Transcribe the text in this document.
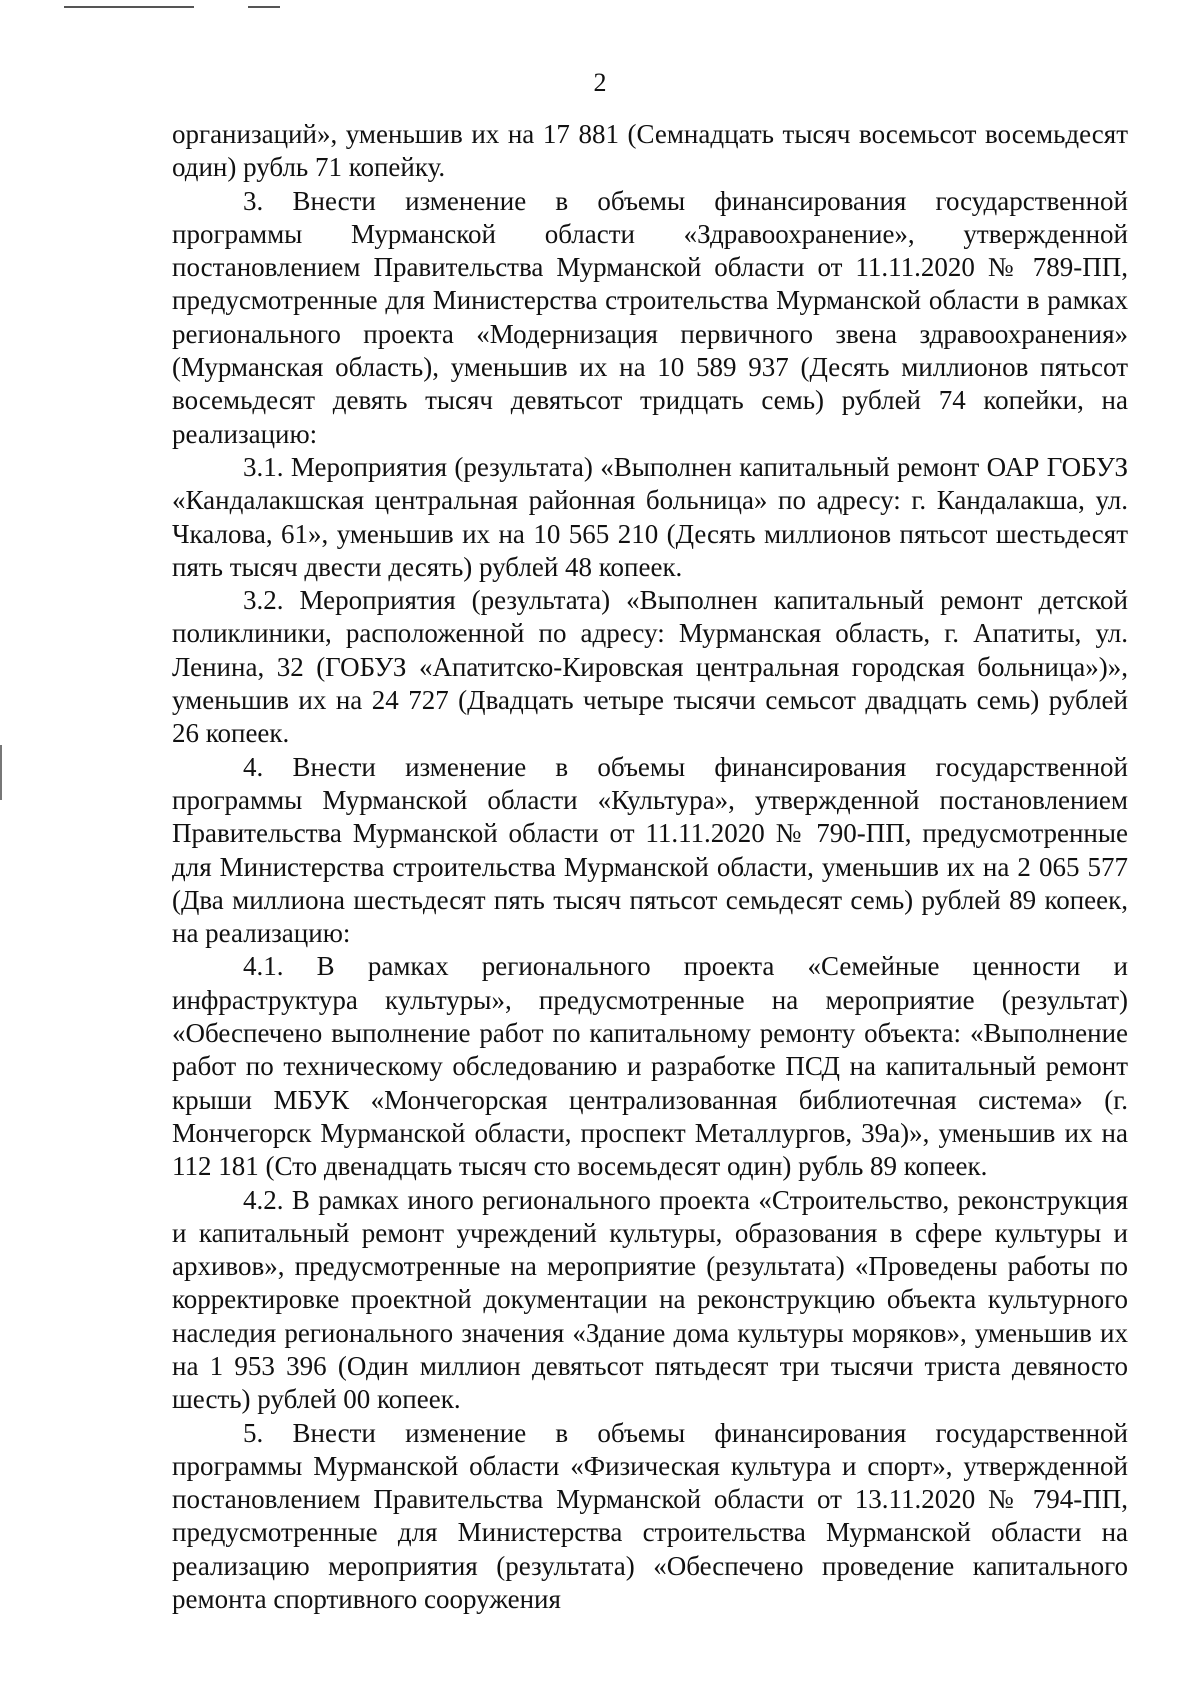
2

организаций», уменьшив их на 17 881 (Семнадцать тысяч восемьсот восемьдесят один) рубль 71 копейку.

3. Внести изменение в объемы финансирования государственной программы Мурманской области «Здравоохранение», утвержденной постановлением Правительства Мурманской области от 11.11.2020 № 789-ПП, предусмотренные для Министерства строительства Мурманской области в рамках регионального проекта «Модернизация первичного звена здравоохранения» (Мурманская область), уменьшив их на 10 589 937 (Десять миллионов пятьсот восемьдесят девять тысяч девятьсот тридцать семь) рублей 74 копейки, на реализацию:

3.1. Мероприятия (результата) «Выполнен капитальный ремонт ОАР ГОБУЗ «Кандалакшская центральная районная больница» по адресу: г. Кандалакша, ул. Чкалова, 61», уменьшив их на 10 565 210 (Десять миллионов пятьсот шестьдесят пять тысяч двести десять) рублей 48 копеек.

3.2. Мероприятия (результата) «Выполнен капитальный ремонт детской поликлиники, расположенной по адресу: Мурманская область, г. Апатиты, ул. Ленина, 32 (ГОБУЗ «Апатитско-Кировская центральная городская больница»)», уменьшив их на 24 727 (Двадцать четыре тысячи семьсот двадцать семь) рублей 26 копеек.

4. Внести изменение в объемы финансирования государственной программы Мурманской области «Культура», утвержденной постановлением Правительства Мурманской области от 11.11.2020 № 790-ПП, предусмотренные для Министерства строительства Мурманской области, уменьшив их на 2 065 577 (Два миллиона шестьдесят пять тысяч пятьсот семьдесят семь) рублей 89 копеек, на реализацию:

4.1. В рамках регионального проекта «Семейные ценности и инфраструктура культуры», предусмотренные на мероприятие (результат) «Обеспечено выполнение работ по капитальному ремонту объекта: «Выполнение работ по техническому обследованию и разработке ПСД на капитальный ремонт крыши МБУК «Мончегорская централизованная библиотечная система» (г. Мончегорск Мурманской области, проспект Металлургов, 39а)», уменьшив их на 112 181 (Сто двенадцать тысяч сто восемьдесят один) рубль 89 копеек.

4.2. В рамках иного регионального проекта «Строительство, реконструкция и капитальный ремонт учреждений культуры, образования в сфере культуры и архивов», предусмотренные на мероприятие (результата) «Проведены работы по корректировке проектной документации на реконструкцию объекта культурного наследия регионального значения «Здание дома культуры моряков», уменьшив их на 1 953 396 (Один миллион девятьсот пятьдесят три тысячи триста девяносто шесть) рублей 00 копеек.

5. Внести изменение в объемы финансирования государственной программы Мурманской области «Физическая культура и спорт», утвержденной постановлением Правительства Мурманской области от 13.11.2020 № 794-ПП, предусмотренные для Министерства строительства Мурманской области на реализацию мероприятия (результата) «Обеспечено проведение капитального ремонта спортивного сооружения
